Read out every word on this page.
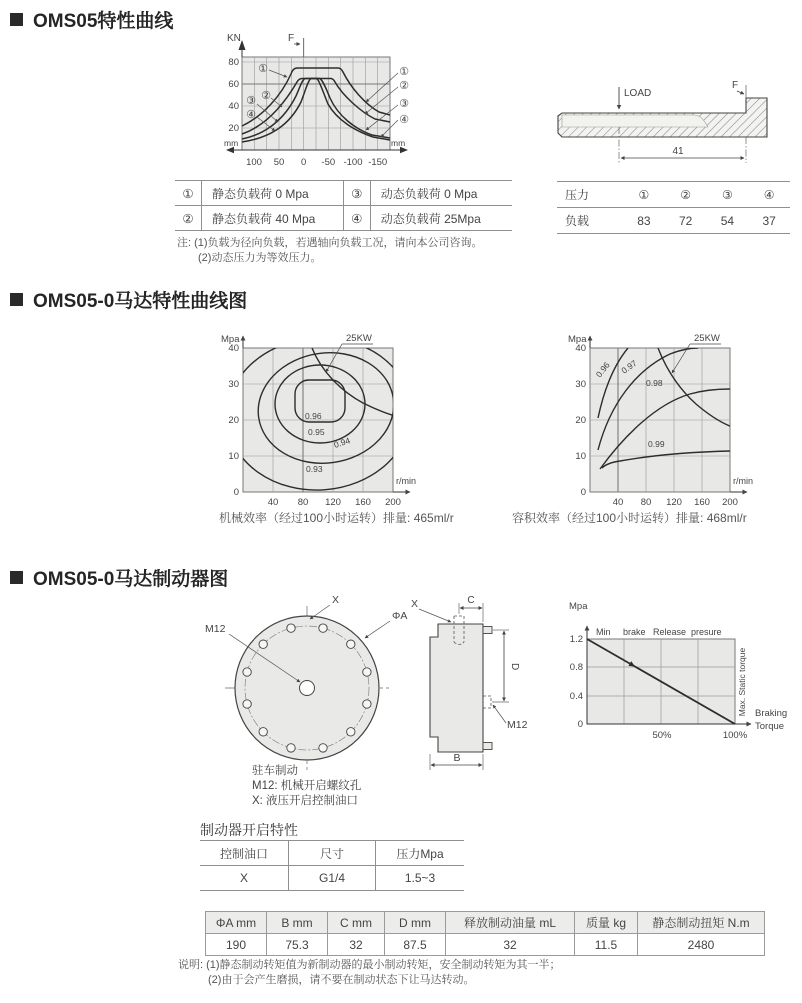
OMS05特性曲线
KN
mm	mm
F
80
60
40
20
100 50 0 -50 -100 -150
①
②
③
④
①
②
③
④
LOAD
F
41
①	静态负载荷 0 Mpa	③	动态负载荷 0 Mpa
②	静态负载荷 40 Mpa	④	动态负载荷 25Mpa
注: (1)负载为径向负载，若遇轴向负载工况，请向本公司咨询。
(2)动态压力为等效压力。
压力	①	②	③	④
负载	83	72	54	37
OMS05-0马达特性曲线图
Mpa
r/min
40
30
20
10
0
40 80 120 160 200
0.96
0.95
0.94
0.93
25KW	Mpa
r/min
40
30
20
10
0
40 80 120 160 200
0.96 0.97
0.98
0.99
25KW
机械效率（经过100小时运转）排量: 465ml/r	容积效率（经过100小时运转）排量: 468ml/r
OMS05-0马达制动器图
M12
X
ΦA
驻车制动
M12: 机械开启螺纹孔
X: 液压开启控制油口
X	C
D
M12
B
Mpa
1.2
0.8
0.4
0
Min brake Release presure
50%	100%
Braking
Torque
Max. Static torque
制动器开启特性
控制油口	尺寸	压力Mpa
X	G1/4	1.5~3
ΦA mm	B mm	C mm	D mm	释放制动油量 mL	质量 kg	静态制动扭矩 N.m
190	75.3	32	87.5	32	11.5	2480
说明: (1)静态制动转矩值为新制动器的最小制动转矩，安全制动转矩为其一半；
(2)由于会产生磨损，请不要在制动状态下让马达转动。
